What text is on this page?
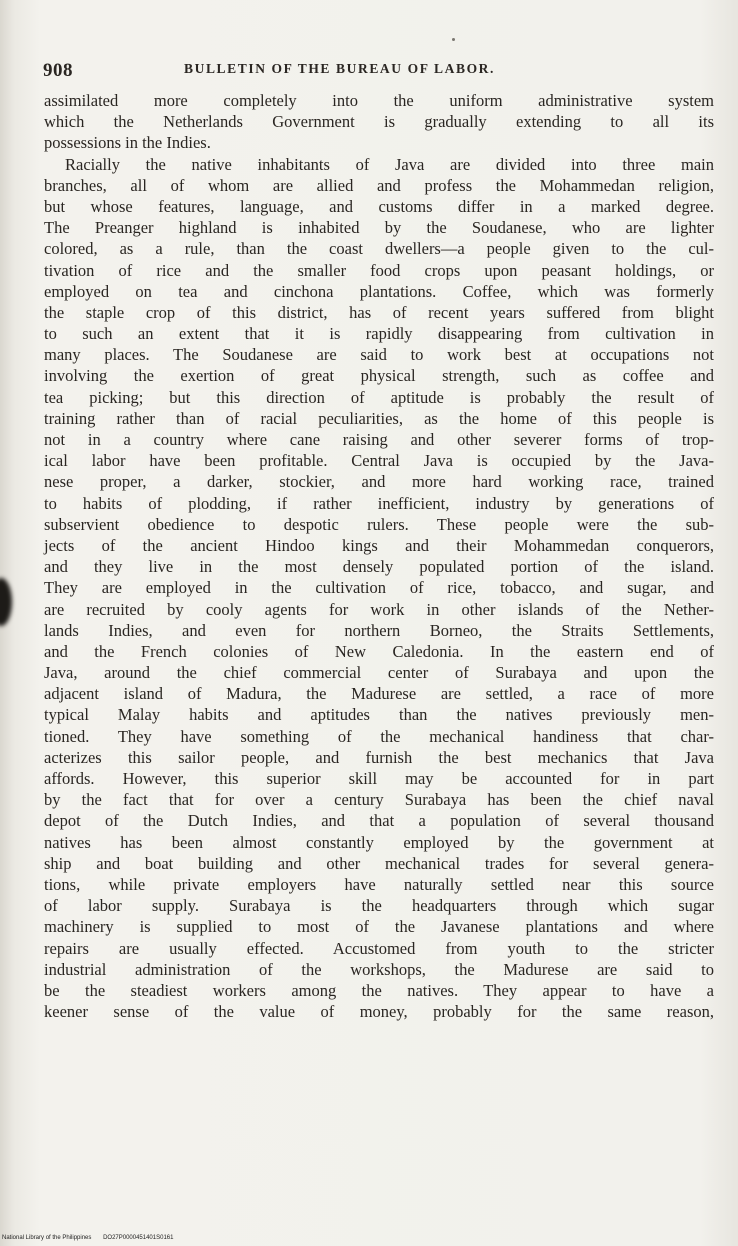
908	BULLETIN OF THE BUREAU OF LABOR.
assimilated more completely into the uniform administrative system
which the Netherlands Government is gradually extending to all its
possessions in the Indies.
Racially the native inhabitants of Java are divided into three main
branches, all of whom are allied and profess the Mohammedan religion,
but whose features, language, and customs differ in a marked degree.
The Preanger highland is inhabited by the Soudanese, who are lighter
colored, as a rule, than the coast dwellers—a people given to the cul-
tivation of rice and the smaller food crops upon peasant holdings, or
employed on tea and cinchona plantations. Coffee, which was formerly
the staple crop of this district, has of recent years suffered from blight
to such an extent that it is rapidly disappearing from cultivation in
many places. The Soudanese are said to work best at occupations not
involving the exertion of great physical strength, such as coffee and
tea picking; but this direction of aptitude is probably the result of
training rather than of racial peculiarities, as the home of this people is
not in a country where cane raising and other severer forms of trop-
ical labor have been profitable. Central Java is occupied by the Java-
nese proper, a darker, stockier, and more hard working race, trained
to habits of plodding, if rather inefficient, industry by generations of
subservient obedience to despotic rulers. These people were the sub-
jects of the ancient Hindoo kings and their Mohammedan conquerors,
and they live in the most densely populated portion of the island.
They are employed in the cultivation of rice, tobacco, and sugar, and
are recruited by cooly agents for work in other islands of the Nether-
lands Indies, and even for northern Borneo, the Straits Settlements,
and the French colonies of New Caledonia. In the eastern end of
Java, around the chief commercial center of Surabaya and upon the
adjacent island of Madura, the Madurese are settled, a race of more
typical Malay habits and aptitudes than the natives previously men-
tioned. They have something of the mechanical handiness that char-
acterizes this sailor people, and furnish the best mechanics that Java
affords. However, this superior skill may be accounted for in part
by the fact that for over a century Surabaya has been the chief naval
depot of the Dutch Indies, and that a population of several thousand
natives has been almost constantly employed by the government at
ship and boat building and other mechanical trades for several genera-
tions, while private employers have naturally settled near this source
of labor supply. Surabaya is the headquarters through which sugar
machinery is supplied to most of the Javanese plantations and where
repairs are usually effected. Accustomed from youth to the stricter
industrial administration of the workshops, the Madurese are said to
be the steadiest workers among the natives. They appear to have a
keener sense of the value of money, probably for the same reason,
National Library of the Philippines DO27P0000451401S0161
